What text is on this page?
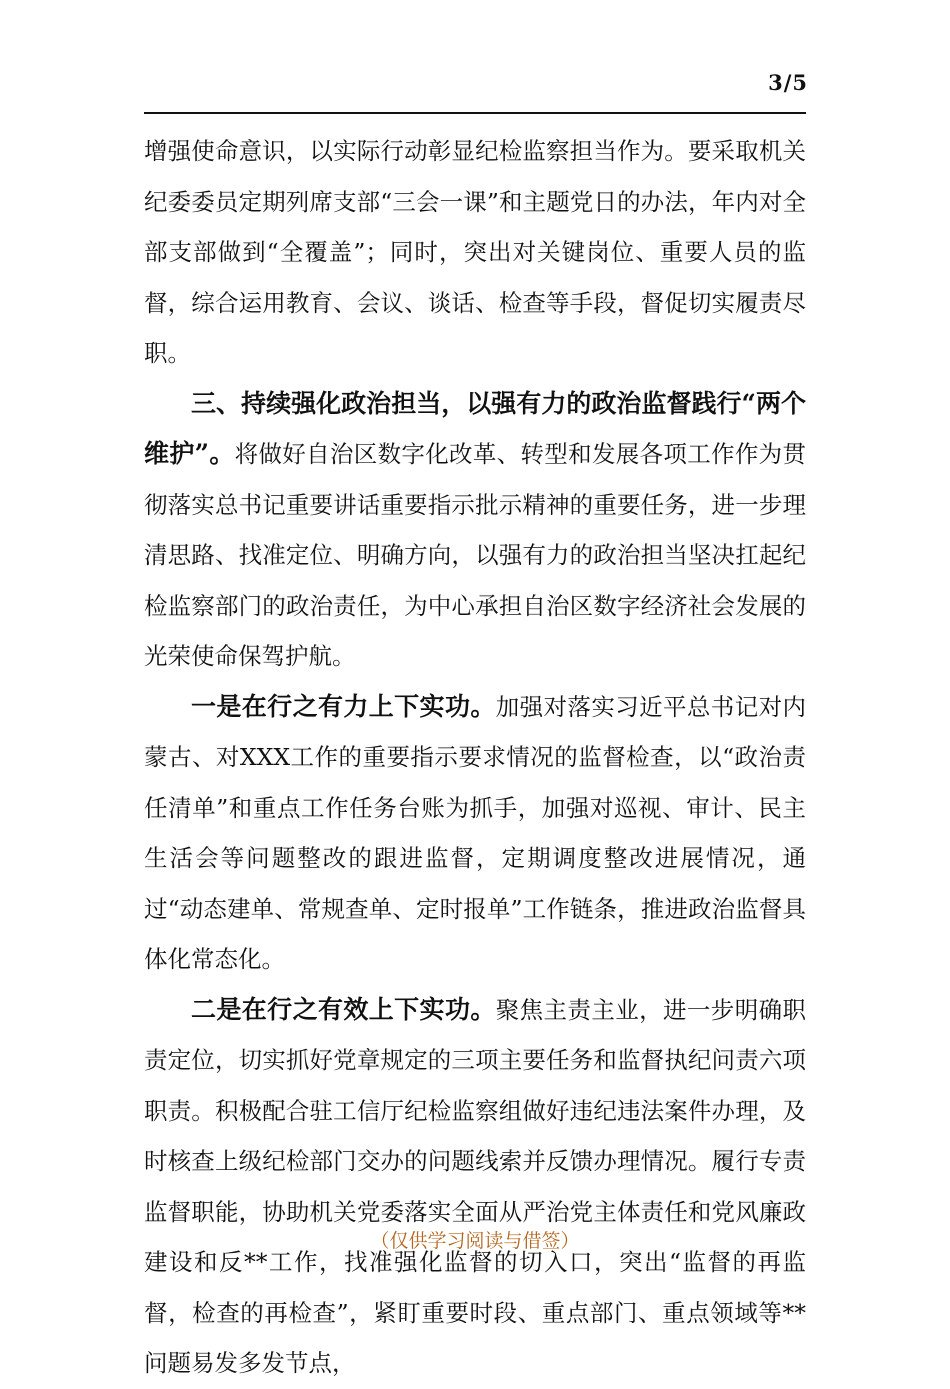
3/5

增强使命意识，以实际行动彰显纪检监察担当作为。要采取机关纪委委员定期列席支部“三会一课”和主题党日的办法，年内对全部支部做到“全覆盖”；同时，突出对关键岗位、重要人员的监督，综合运用教育、会议、谈话、检查等手段，督促切实履责尽职。

三、持续强化政治担当，以强有力的政治监督践行“两个维护”。将做好自治区数字化改革、转型和发展各项工作作为贯彻落实总书记重要讲话重要指示批示精神的重要任务，进一步理清思路、找准定位、明确方向，以强有力的政治担当坚决扛起纪检监察部门的政治责任，为中心承担自治区数字经济社会发展的光荣使命保驾护航。

一是在行之有力上下实功。加强对落实习近平总书记对内蒙古、对XXX工作的重要指示要求情况的监督检查，以“政治责任清单”和重点工作任务台账为抓手，加强对巡视、审计、民主生活会等问题整改的跟进监督，定期调度整改进展情况，通过“动态建单、常规查单、定时报单”工作链条，推进政治监督具体化常态化。

二是在行之有效上下实功。聚焦主责主业，进一步明确职责定位，切实抓好党章规定的三项主要任务和监督执纪问责六项职责。积极配合驻工信厅纪检监察组做好违纪违法案件办理，及时核查上级纪检部门交办的问题线索并反馈办理情况。履行专责监督职能，协助机关党委落实全面从严治党主体责任和党风廉政建设和反**工作，找准强化监督的切入口，突出“监督的再监督，检查的再检查”，紧盯重要时段、重点部门、重点领域等**问题易发多发节点，

（仅供学习阅读与借签）
